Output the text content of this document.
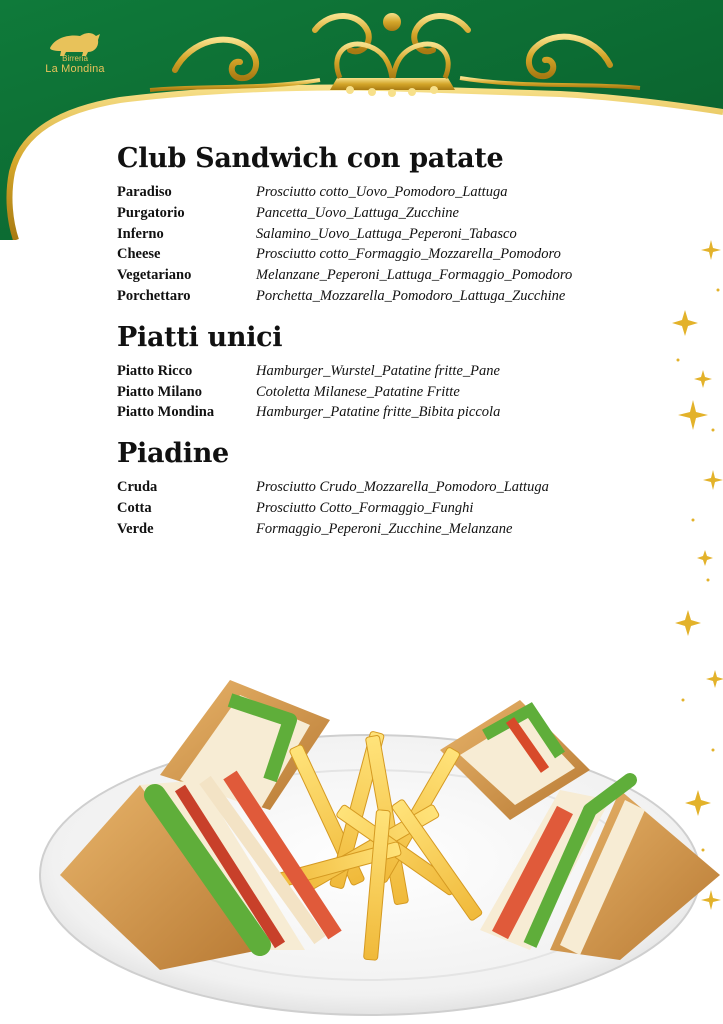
Birreria
La Mondina
Club Sandwich con patate
Paradiso	Prosciutto cotto_Uovo_Pomodoro_Lattuga
Purgatorio	Pancetta_Uovo_Lattuga_Zucchine
Inferno	Salamino_Uovo_Lattuga_Peperoni_Tabasco
Cheese	Prosciutto cotto_Formaggio_Mozzarella_Pomodoro
Vegetariano	Melanzane_Peperoni_Lattuga_Formaggio_Pomodoro
Porchettaro	Porchetta_Mozzarella_Pomodoro_Lattuga_Zucchine
Piatti unici
Piatto Ricco	Hamburger_Wurstel_Patatine fritte_Pane
Piatto Milano	Cotoletta Milanese_Patatine Fritte
Piatto Mondina	Hamburger_Patatine fritte_Bibita piccola
Piadine
Cruda	Prosciutto Crudo_Mozzarella_Pomodoro_Lattuga
Cotta	Prosciutto Cotto_Formaggio_Funghi
Verde	Formaggio_Peperoni_Zucchine_Melanzane
